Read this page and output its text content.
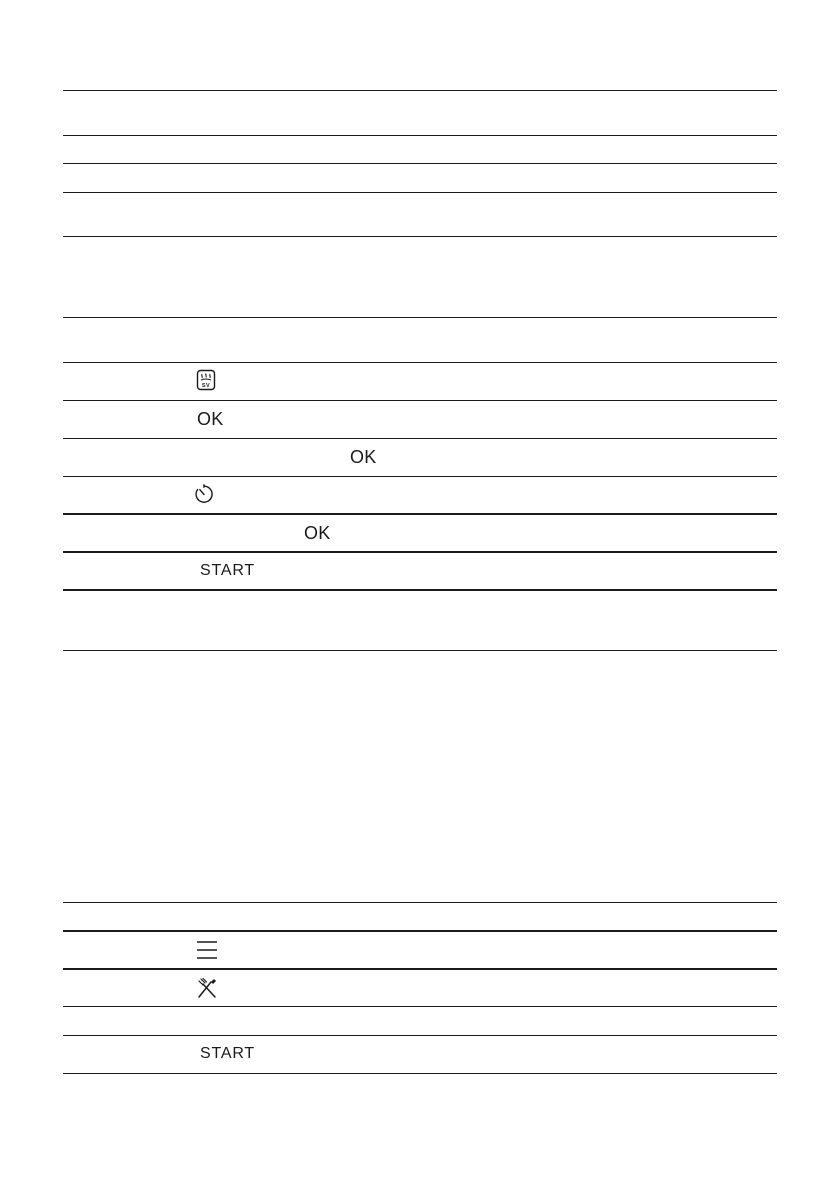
SV
OK
OK
OK
START
START
